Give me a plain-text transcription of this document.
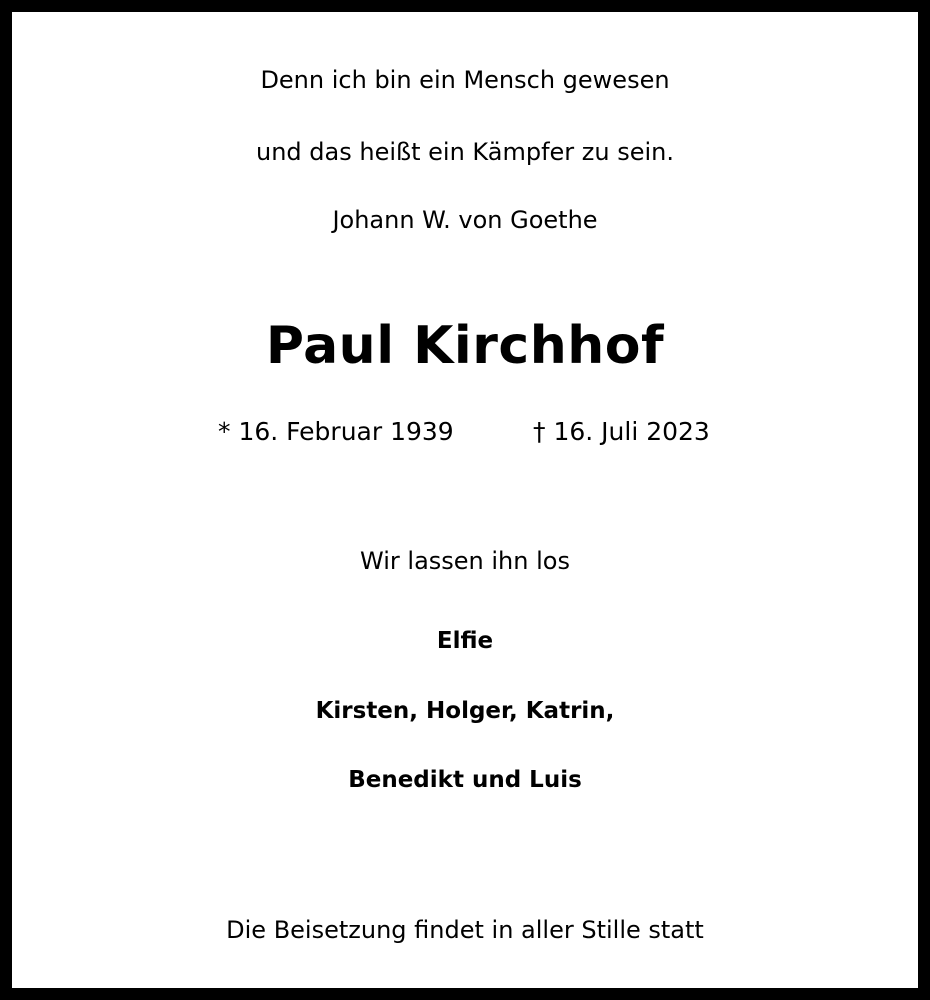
Denn ich bin ein Mensch gewesen
und das heißt ein Kämpfer zu sein.
Johann W. von Goethe
Paul Kirchhof
* 16. Februar 1939	† 16. Juli 2023
Wir lassen ihn los
Elfie
Kirsten, Holger, Katrin,
Benedikt und Luis
Die Beisetzung findet in aller Stille statt
